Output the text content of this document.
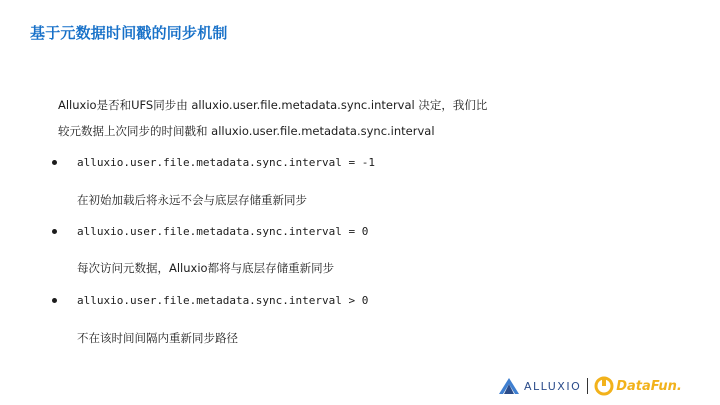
基于元数据时间戳的同步机制
Alluxio是否和UFS同步由 alluxio.user.file.metadata.sync.interval 决定，我们比
较元数据上次同步的时间戳和 alluxio.user.file.metadata.sync.interval
alluxio.user.file.metadata.sync.interval = -1
在初始加载后将永远不会与底层存储重新同步
alluxio.user.file.metadata.sync.interval = 0
每次访问元数据，Alluxio都将与底层存储重新同步
alluxio.user.file.metadata.sync.interval > 0
不在该时间间隔内重新同步路径
ALLUXIO	DataFun.
